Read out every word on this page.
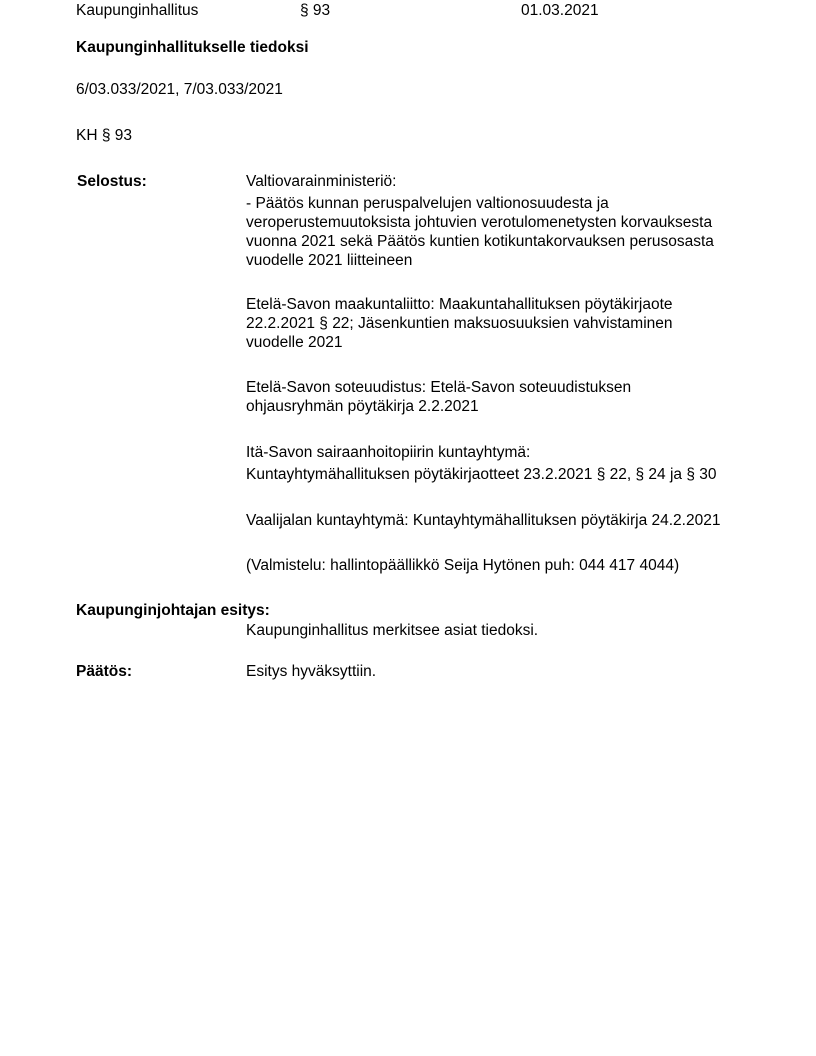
Kaupunginhallitus	§ 93	01.03.2021
Kaupunginhallitukselle tiedoksi
6/03.033/2021, 7/03.033/2021
KH § 93
Selostus:	Valtiovarainministeriö:
- Päätös kunnan peruspalvelujen valtionosuudesta ja veroperustemuutoksista johtuvien verotulomenetysten korvauksesta vuonna 2021 sekä Päätös kuntien kotikuntakorvauksen perusosasta vuodelle 2021 liitteineen
Etelä-Savon maakuntaliitto: Maakuntahallituksen pöytäkirjaote 22.2.2021 § 22; Jäsenkuntien maksuosuuksien vahvistaminen vuodelle 2021
Etelä-Savon soteuudistus: Etelä-Savon soteuudistuksen ohjausryhmän pöytäkirja 2.2.2021
Itä-Savon sairaanhoitopiirin kuntayhtymä:
Kuntayhtymähallituksen pöytäkirjaotteet 23.2.2021 § 22, § 24 ja § 30
Vaalijalan kuntayhtymä: Kuntayhtymähallituksen pöytäkirja 24.2.2021
(Valmistelu: hallintopäällikkö Seija Hytönen puh: 044 417 4044)
Kaupunginjohtajan esitys:
Kaupunginhallitus merkitsee asiat tiedoksi.
Päätös:	Esitys hyväksyttiin.
